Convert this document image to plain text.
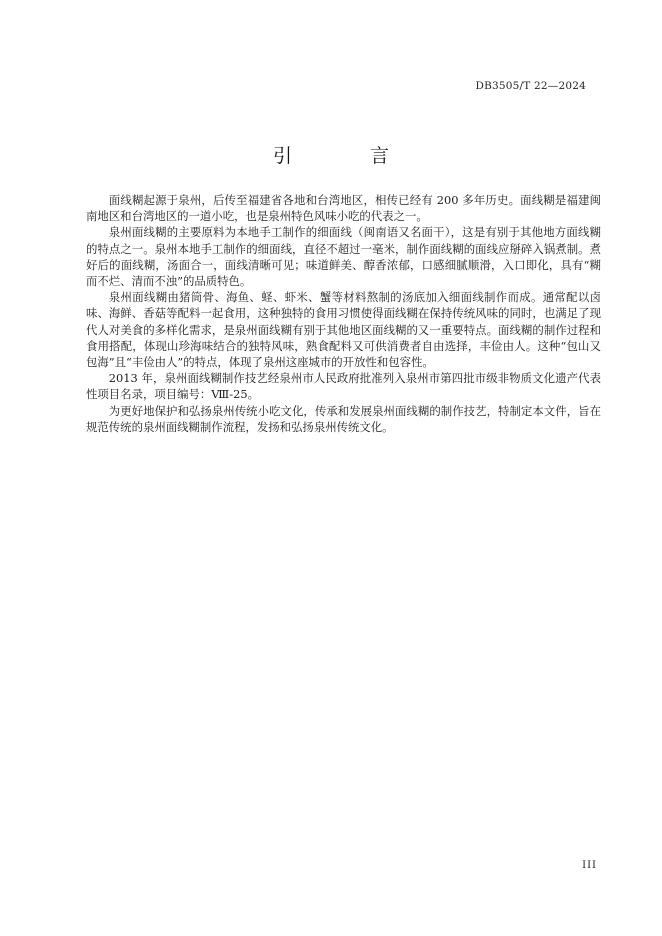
DB3505/T 22—2024
引 言

面线糊起源于泉州，后传至福建省各地和台湾地区，相传已经有 200 多年历史。面线糊是福建闽南地区和台湾地区的一道小吃，也是泉州特色风味小吃的代表之一。

泉州面线糊的主要原料为本地手工制作的细面线（闽南语又名面干），这是有别于其他地方面线糊的特点之一。泉州本地手工制作的细面线，直径不超过一毫米，制作面线糊的面线应掰碎入锅煮制。煮好后的面线糊，汤面合一，面线清晰可见；味道鲜美、醇香浓郁，口感细腻顺滑，入口即化，具有“糊而不烂、清而不浊”的品质特色。

泉州面线糊由猪筒骨、海鱼、蛏、虾米、蟹等材料熬制的汤底加入细面线制作而成。通常配以卤味、海鲜、香菇等配料一起食用，这种独特的食用习惯使得面线糊在保持传统风味的同时，也满足了现代人对美食的多样化需求，是泉州面线糊有别于其他地区面线糊的又一重要特点。面线糊的制作过程和食用搭配，体现山珍海味结合的独特风味，熟食配料又可供消费者自由选择，丰俭由人。这种“包山又包海”且“丰俭由人”的特点，体现了泉州这座城市的开放性和包容性。

2013 年，泉州面线糊制作技艺经泉州市人民政府批准列入泉州市第四批市级非物质文化遗产代表性项目名录，项目编号：Ⅷ-25。

为更好地保护和弘扬泉州传统小吃文化，传承和发展泉州面线糊的制作技艺，特制定本文件，旨在规范传统的泉州面线糊制作流程，发扬和弘扬泉州传统文化。

III
